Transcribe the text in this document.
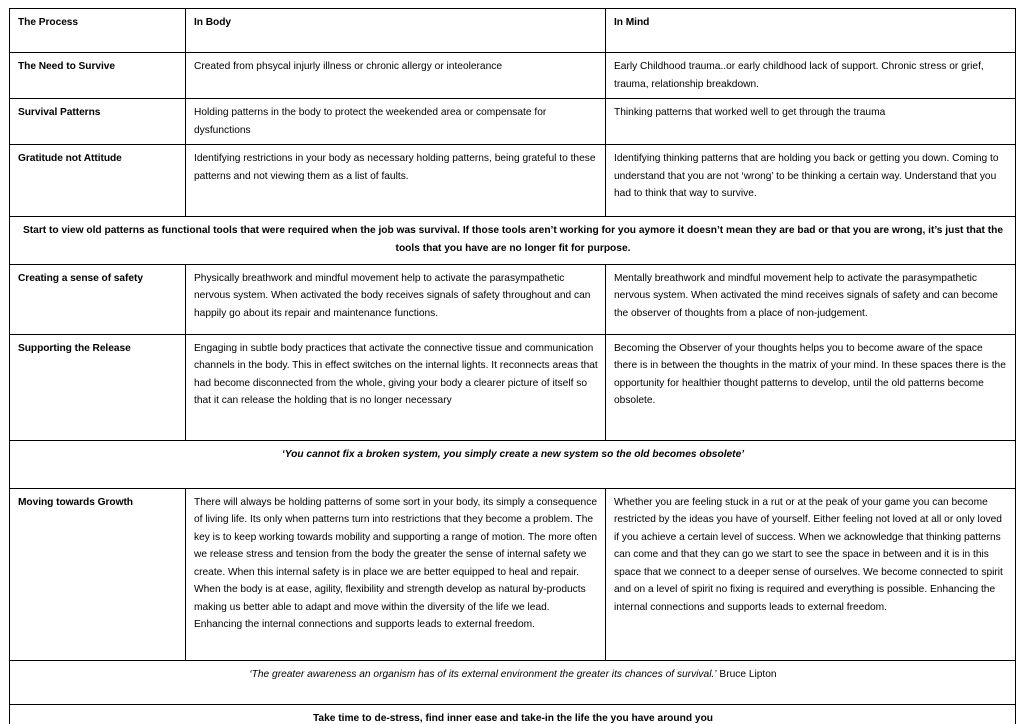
The Process	In Body	In Mind
The Need to Survive	Created from phsycal injurly illness or chronic allergy or inteolerance	Early Childhood trauma..or early childhood lack of support. Chronic stress or grief, trauma, relationship breakdown.
Survival Patterns	Holding patterns in the body to protect the weekended area or compensate for dysfunctions	Thinking patterns that worked well to get through the trauma
Gratitude not Attitude	Identifying restrictions in your body as necessary holding patterns, being grateful to these patterns and not viewing them as a list of faults.	Identifying thinking patterns that are holding you back or getting you down. Coming to understand that you are not ‘wrong’ to be thinking a certain way. Understand that you had to think that way to survive.

Start to view old patterns as functional tools that were required when the job was survival. If those tools aren’t working for you aymore it doesn’t mean they are bad or that you are wrong, it’s just that the tools that you have are no longer fit for purpose.		

Creating a sense of safety	Physically breathwork and mindful movement help to activate the parasympathetic nervous system. When activated the body receives signals of safety throughout and can happily go about its repair and maintenance functions.	Mentally breathwork and mindful movement help to activate the parasympathetic nervous system. When activated the mind receives signals of safety and can become the observer of thoughts from a place of non-judgement.
Supporting the Release	Engaging in subtle body practices that activate the connective tissue and communication channels in the body. This in effect switches on the internal lights. It reconnects areas that had become disconnected from the whole, giving your body a clearer picture of itself so that it can release the holding that is no longer necessary	Becoming the Observer of your thoughts helps you to become aware of the space there is in between the thoughts in the matrix of your mind. In these spaces there is the opportunity for healthier thought patterns to develop, until the old patterns become obsolete.
‘You cannot fix a broken system, you simply create a new system so the old becomes obsolete’		
Moving towards Growth	There will always be holding patterns of some sort in your body, its simply a consequence of living life. Its only when patterns turn into restrictions that they become a problem. The key is to keep working towards mobility and supporting a range of motion. The more often we release stress and tension from the body the greater the sense of internal safety we create. When this internal safety is in place we are better equipped to heal and repair. When the body is at ease, agility, flexibility and strength develop as natural by-products making us better able to adapt and move within the diversity of the life we lead. Enhancing the internal connections and supports leads to external freedom.	Whether you are feeling stuck in a rut or at the peak of your game you can become restricted by the ideas you have of yourself. Either feeling not loved at all or only loved if you achieve a certain level of success. When we acknowledge that thinking patterns can come and that they can go we start to see the space in between and it is in this space that we connect to a deeper sense of ourselves. We become connected to spirit and on a level of spirit no fixing is required and everything is possible. Enhancing the internal connections and supports leads to external freedom.
‘The greater awareness an organism has of its external environment the greater its chances of survival.’ Bruce Lipton		
Take time to de-stress, find inner ease and take-in the life the you have around you		
